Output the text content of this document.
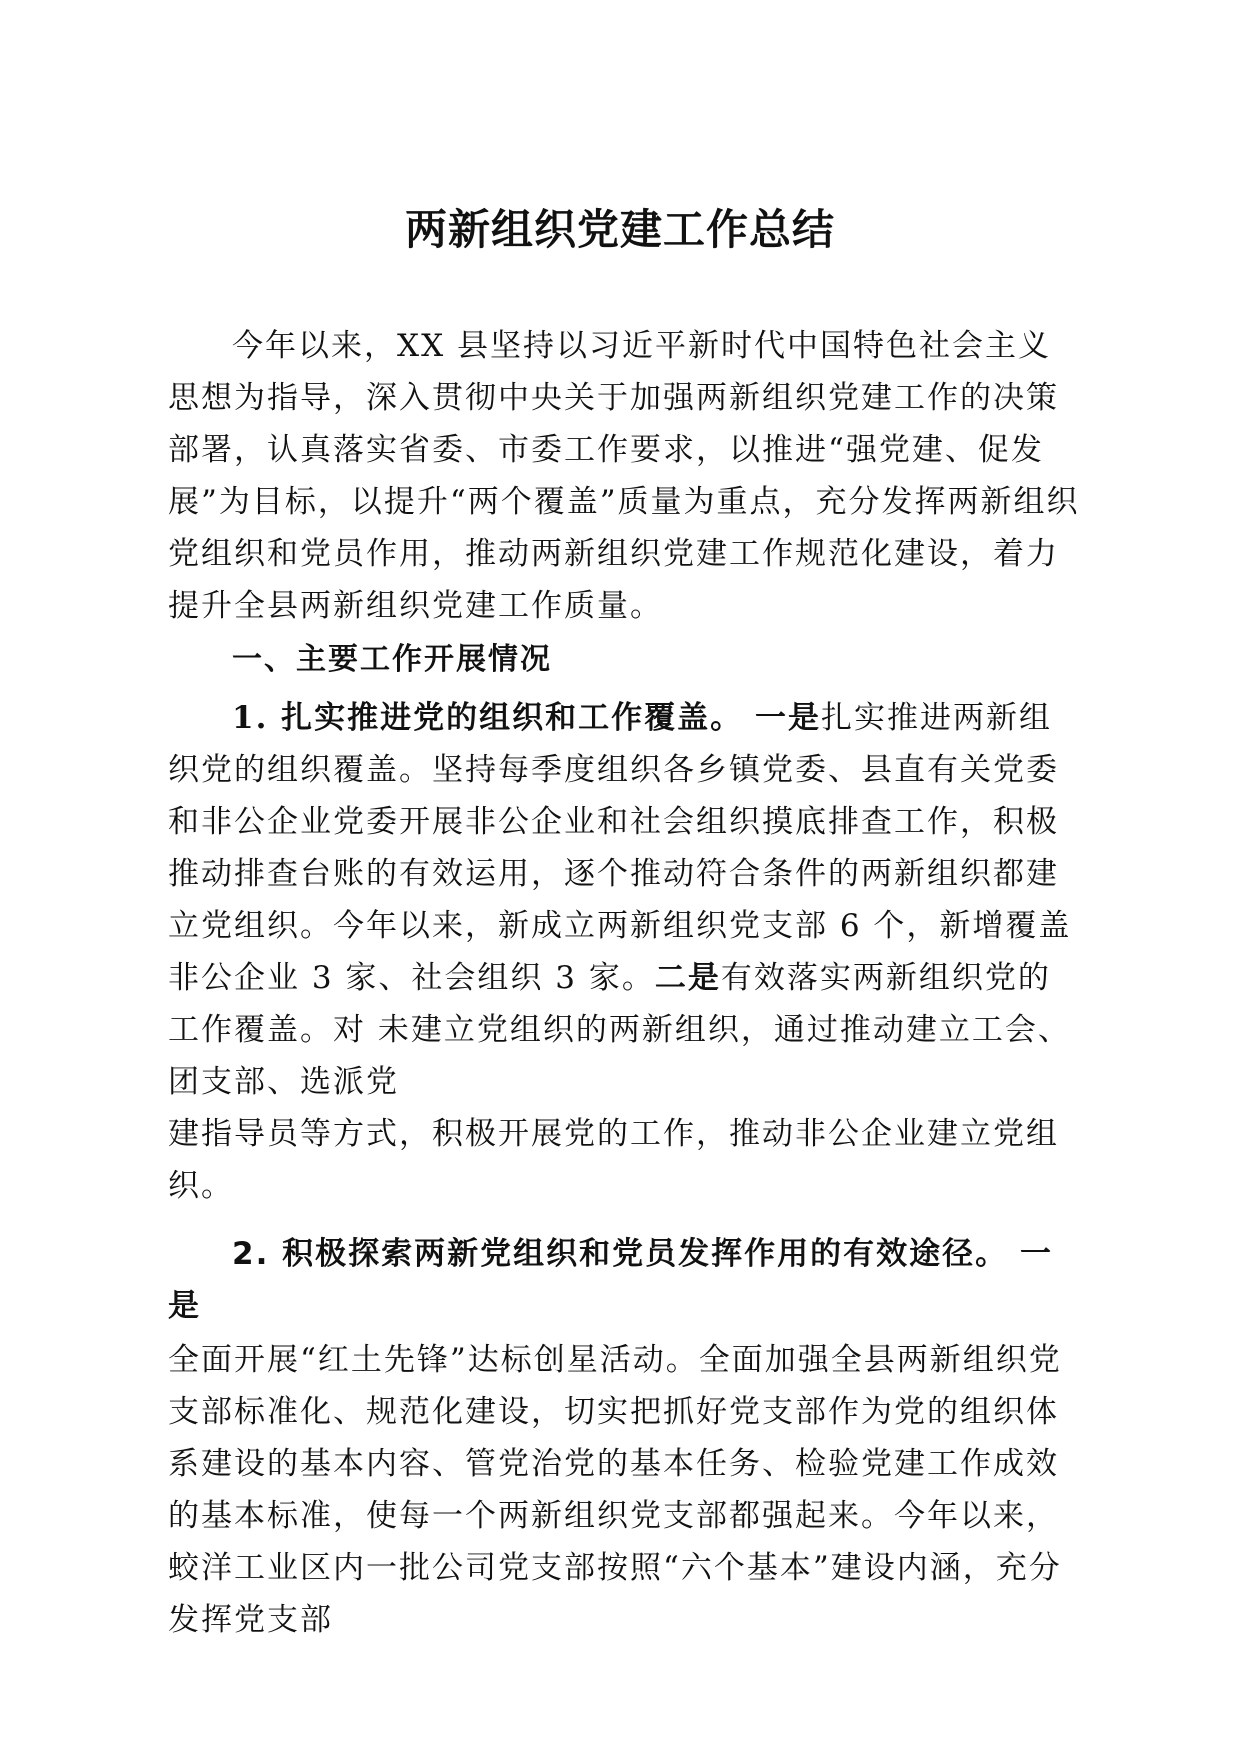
两新组织党建工作总结

今年以来，XX 县坚持以习近平新时代中国特色社会主义思想为指导，深入贯彻中央关于加强两新组织党建工作的决策部署，认真落实省委、市委工作要求，以推进“强党建、促发展”为目标，以提升“两个覆盖”质量为重点，充分发挥两新组织党组织和党员作用，推动两新组织党建工作规范化建设，着力提升全县两新组织党建工作质量。

一、主要工作开展情况

1. 扎实推进党的组织和工作覆盖。 一是扎实推进两新组织党的组织覆盖。坚持每季度组织各乡镇党委、县直有关党委和非公企业党委开展非公企业和社会组织摸底排查工作，积极推动排查台账的有效运用，逐个推动符合条件的两新组织都建立党组织。今年以来，新成立两新组织党支部 6 个，新增覆盖非公企业 3 家、社会组织 3 家。二是有效落实两新组织党的工作覆盖。对 未建立党组织的两新组织，通过推动建立工会、团支部、选派党

建指导员等方式，积极开展党的工作，推动非公企业建立党组织。

2. 积极探索两新党组织和党员发挥作用的有效途径。 一是

全面开展“红土先锋”达标创星活动。全面加强全县两新组织党支部标准化、规范化建设，切实把抓好党支部作为党的组织体系建设的基本内容、管党治党的基本任务、检验党建工作成效的基本标准，使每一个两新组织党支部都强起来。今年以来，蛟洋工业区内一批公司党支部按照“六个基本”建设内涵，充分发挥党支部
